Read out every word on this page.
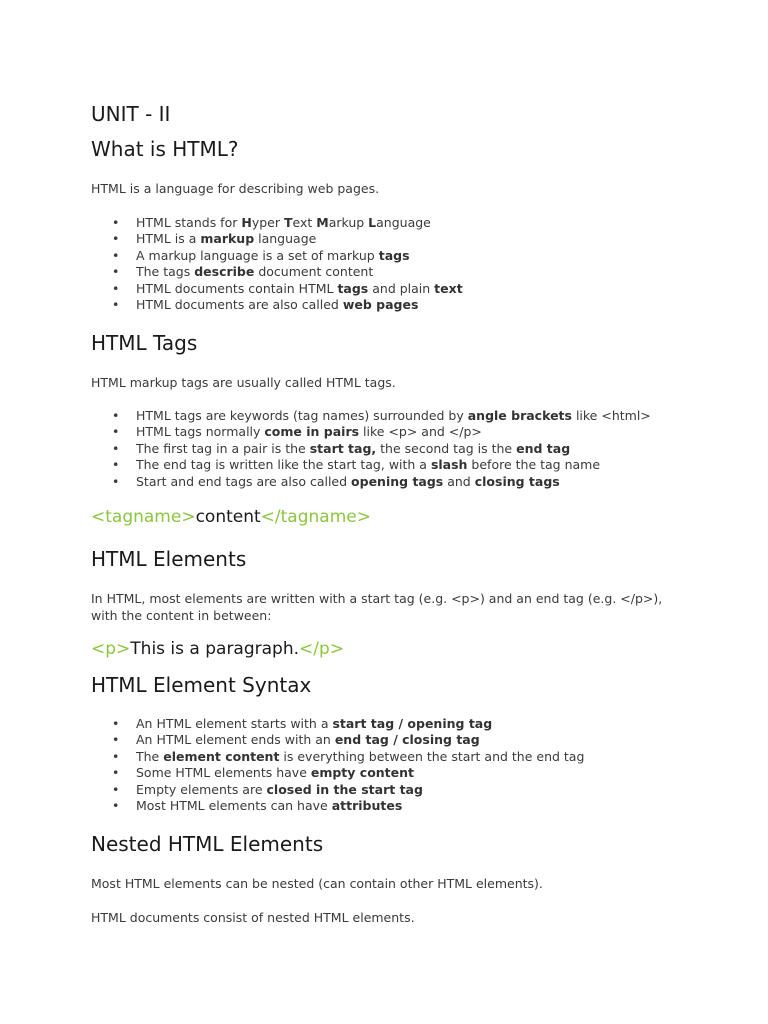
UNIT - II
What is HTML?

HTML is a language for describing web pages.

• HTML stands for Hyper Text Markup Language
• HTML is a markup language
• A markup language is a set of markup tags
• The tags describe document content
• HTML documents contain HTML tags and plain text
• HTML documents are also called web pages
HTML Tags

HTML markup tags are usually called HTML tags.

• HTML tags are keywords (tag names) surrounded by angle brackets like <html>
• HTML tags normally come in pairs like <p> and </p>
• The first tag in a pair is the start tag, the second tag is the end tag
• The end tag is written like the start tag, with a slash before the tag name
• Start and end tags are also called opening tags and closing tags
<tagname>content</tagname>
HTML Elements

In HTML, most elements are written with a start tag (e.g. <p>) and an end tag (e.g. </p>), with the content in between:

<p>This is a paragraph.</p>
HTML Element Syntax
• An HTML element starts with a start tag / opening tag
• An HTML element ends with an end tag / closing tag
• The element content is everything between the start and the end tag
• Some HTML elements have empty content
• Empty elements are closed in the start tag
• Most HTML elements can have attributes
Nested HTML Elements

Most HTML elements can be nested (can contain other HTML elements).

HTML documents consist of nested HTML elements.
